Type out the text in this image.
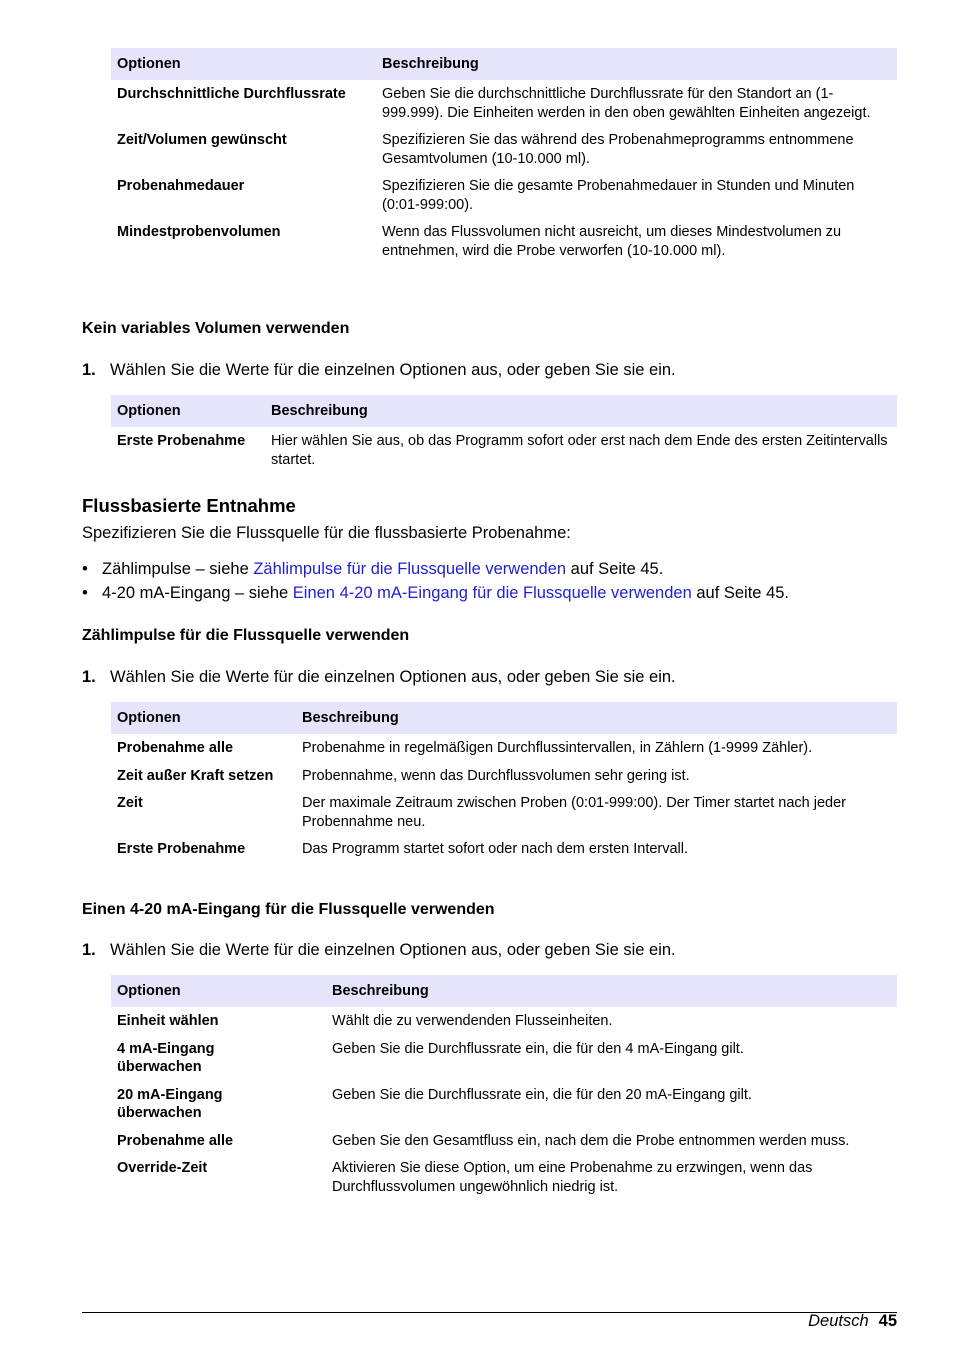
Optionen	Beschreibung
Durchschnittliche Durchflussrate	Geben Sie die durchschnittliche Durchflussrate für den Standort an (1-999.999). Die Einheiten werden in den oben gewählten Einheiten angezeigt.
Zeit/Volumen gewünscht	Spezifizieren Sie das während des Probenahmeprogramms entnommene Gesamtvolumen (10-10.000 ml).
Probenahmedauer	Spezifizieren Sie die gesamte Probenahmedauer in Stunden und Minuten (0:01-999:00).
Mindestprobenvolumen	Wenn das Flussvolumen nicht ausreicht, um dieses Mindestvolumen zu entnehmen, wird die Probe verworfen (10-10.000 ml).
Kein variables Volumen verwenden
1. Wählen Sie die Werte für die einzelnen Optionen aus, oder geben Sie sie ein.
Optionen	Beschreibung
Erste Probenahme	Hier wählen Sie aus, ob das Programm sofort oder erst nach dem Ende des ersten Zeitintervalls startet.
Flussbasierte Entnahme
Spezifizieren Sie die Flussquelle für die flussbasierte Probenahme:
• Zählimpulse – siehe Zählimpulse für die Flussquelle verwenden auf Seite 45.
• 4-20 mA-Eingang – siehe Einen 4-20 mA-Eingang für die Flussquelle verwenden auf Seite 45.
Zählimpulse für die Flussquelle verwenden
1. Wählen Sie die Werte für die einzelnen Optionen aus, oder geben Sie sie ein.
Optionen	Beschreibung
Probenahme alle	Probenahme in regelmäßigen Durchflussintervallen, in Zählern (1-9999 Zähler).
Zeit außer Kraft setzen	Probennahme, wenn das Durchflussvolumen sehr gering ist.
Zeit	Der maximale Zeitraum zwischen Proben (0:01-999:00). Der Timer startet nach jeder Probennahme neu.
Erste Probenahme	Das Programm startet sofort oder nach dem ersten Intervall.
Einen 4-20 mA-Eingang für die Flussquelle verwenden
1. Wählen Sie die Werte für die einzelnen Optionen aus, oder geben Sie sie ein.
Optionen	Beschreibung
Einheit wählen	Wählt die zu verwendenden Flusseinheiten.
4 mA-Eingang überwachen	Geben Sie die Durchflussrate ein, die für den 4 mA-Eingang gilt.
20 mA-Eingang überwachen	Geben Sie die Durchflussrate ein, die für den 20 mA-Eingang gilt.
Probenahme alle	Geben Sie den Gesamtfluss ein, nach dem die Probe entnommen werden muss.
Override-Zeit	Aktivieren Sie diese Option, um eine Probenahme zu erzwingen, wenn das Durchflussvolumen ungewöhnlich niedrig ist.
Deutsch 45
